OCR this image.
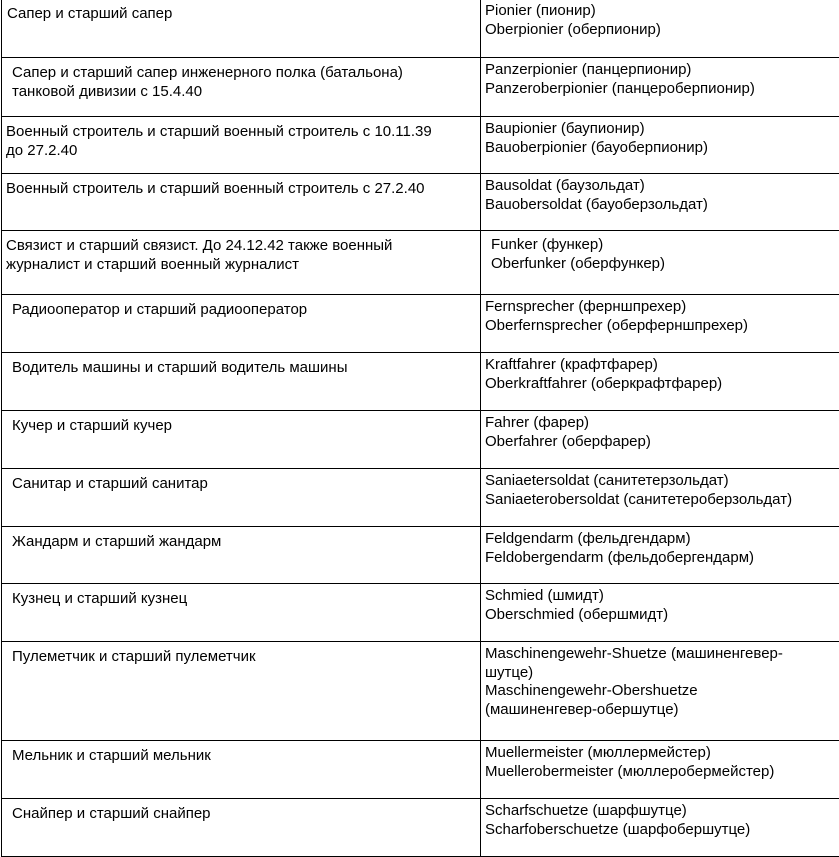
Сапер и старший сапер	Pionier (пионир)
Oberpionier (оберпионир)

Сапер и старший сапер инженерного полка (батальона)
танковой дивизии с 15.4.40	Panzerpionier (панцерпионир)
Panzeroberpionier (панцероберпионир)

Военный строитель и старший военный строитель с 10.11.39
до 27.2.40	Baupionier (баупионир)
Bauoberpionier (бауоберпионир)

Военный строитель и старший военный строитель с 27.2.40	Bausoldat (баузольдат)
Bauobersoldat (бауоберзольдат)

Связист и старший связист. До 24.12.42 также военный
журналист и старший военный журналист	Funker (функер)
Oberfunker (оберфункер)

Радиооператор и старший радиооператор	Fernsprecher (ферншпрехер)
Oberfernsprecher (оберферншпрехер)

Водитель машины и старший водитель машины	Kraftfahrer (крафтфарер)
Oberkraftfahrer (оберкрафтфарер)

Кучер и старший кучер	Fahrer (фарер)
Oberfahrer (оберфарер)

Санитар и старший санитар	Saniaetersoldat (санитетерзольдат)
Saniaeterobersoldat (санитетероберзольдат)

Жандарм и старший жандарм	Feldgendarm (фельдгендарм)
Feldobergendarm (фельдобергендарм)

Кузнец и старший кузнец	Schmied (шмидт)
Oberschmied (обершмидт)

Пулеметчик и старший пулеметчик	Maschinengewehr-Shuetze (машиненгевер-
шутце)
Maschinengewehr-Obershuetze
(машиненгевер-обершутце)

Мельник и старший мельник	Muellermeister (мюллермейстер)
Muellerobermeister (мюллеробермейстер)

Снайпер и старший снайпер	Scharfschuetze (шарфшутце)
Scharfoberschuetze (шарфобершутце)
